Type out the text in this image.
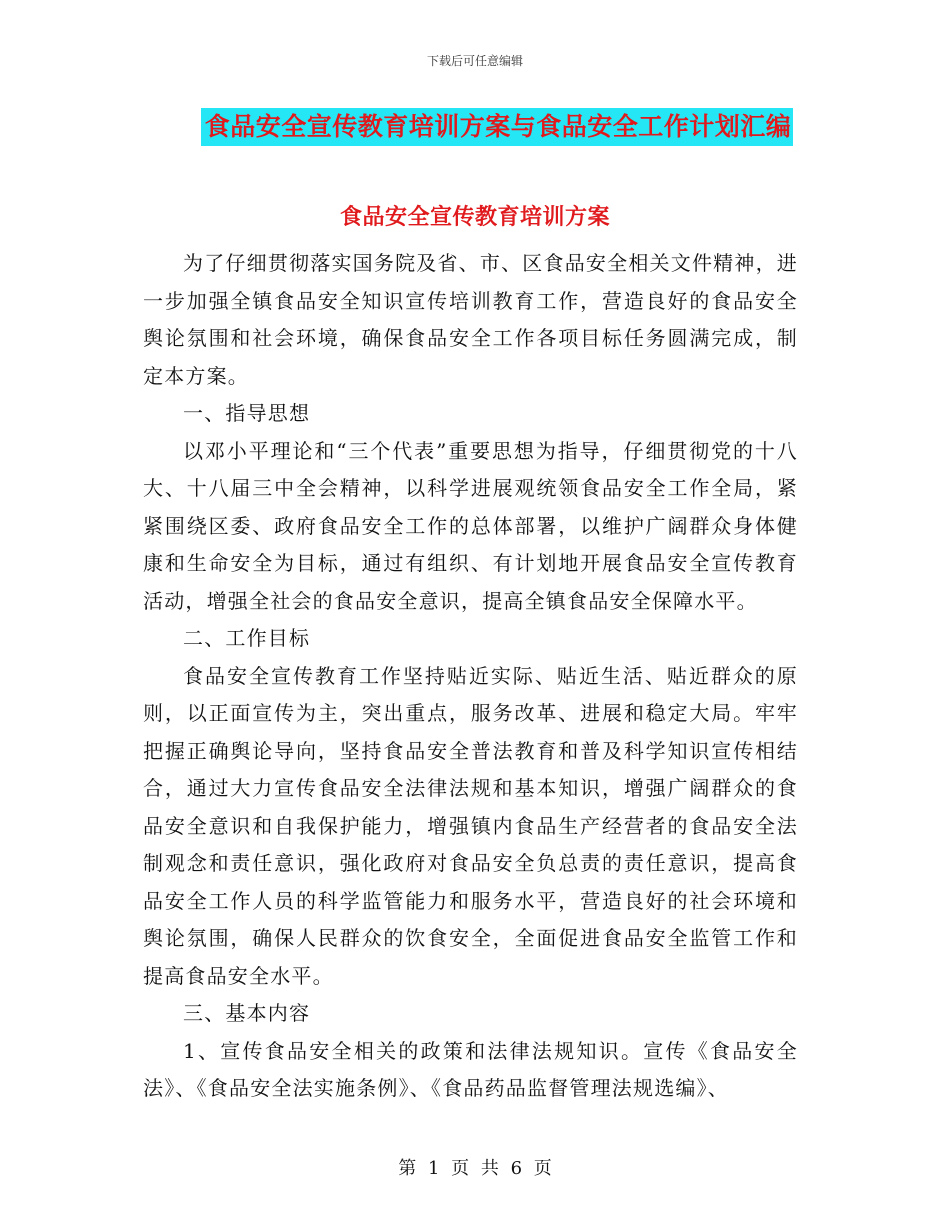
下载后可任意编辑
食品安全宣传教育培训方案与食品安全工作计划汇编
食品安全宣传教育培训方案

为了仔细贯彻落实国务院及省、市、区食品安全相关文件精神，进一步加强全镇食品安全知识宣传培训教育工作，营造良好的食品安全舆论氛围和社会环境，确保食品安全工作各项目标任务圆满完成，制定本方案。

一、指导思想

以邓小平理论和“三个代表”重要思想为指导，仔细贯彻党的十八大、十八届三中全会精神，以科学进展观统领食品安全工作全局，紧紧围绕区委、政府食品安全工作的总体部署，以维护广阔群众身体健康和生命安全为目标，通过有组织、有计划地开展食品安全宣传教育活动，增强全社会的食品安全意识，提高全镇食品安全保障水平。

二、工作目标

食品安全宣传教育工作坚持贴近实际、贴近生活、贴近群众的原则，以正面宣传为主，突出重点，服务改革、进展和稳定大局。牢牢把握正确舆论导向，坚持食品安全普法教育和普及科学知识宣传相结合，通过大力宣传食品安全法律法规和基本知识，增强广阔群众的食品安全意识和自我保护能力，增强镇内食品生产经营者的食品安全法制观念和责任意识，强化政府对食品安全负总责的责任意识，提高食品安全工作人员的科学监管能力和服务水平，营造良好的社会环境和舆论氛围，确保人民群众的饮食安全，全面促进食品安全监管工作和提高食品安全水平。

三、基本内容

1、宣传食品安全相关的政策和法律法规知识。宣传《食品安全法》、《食品安全法实施条例》、《食品药品监督管理法规选编》、

第 1 页 共 6 页
